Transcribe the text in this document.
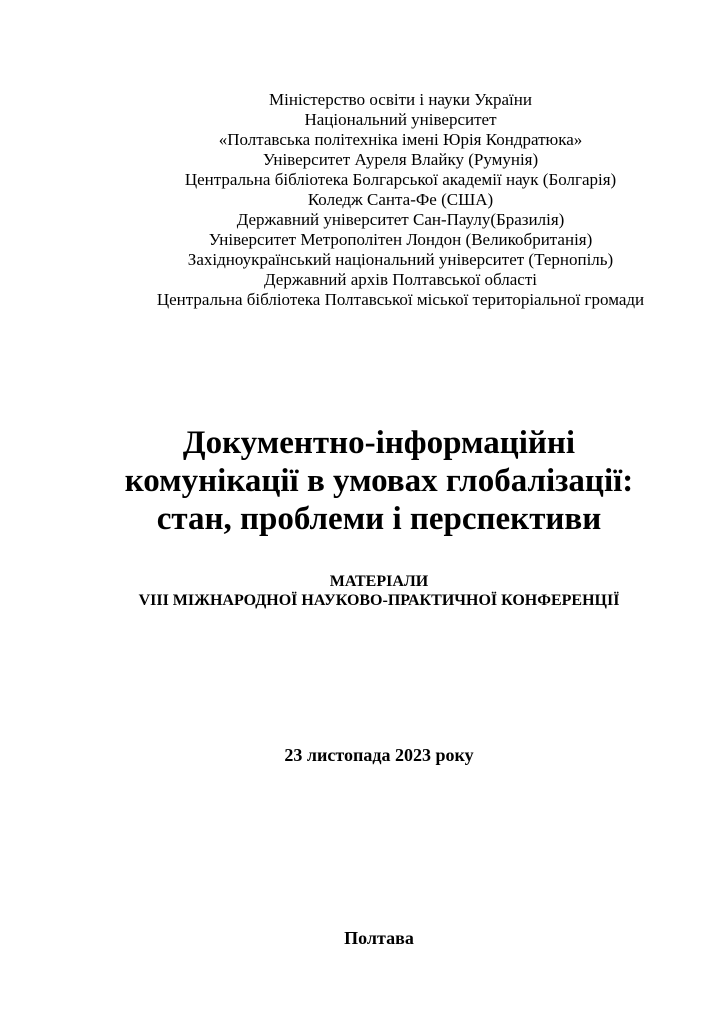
Міністерство освіти і науки України
Національний університет
«Полтавська політехніка імені Юрія Кондратюка»
Університет Ауреля Влайку (Румунія)
Центральна бібліотека Болгарської академії наук (Болгарія)
Коледж Санта-Фе (США)
Державний університет Сан-Паулу(Бразилія)
Університет Метрополітен Лондон (Великобританія)
Західноукраїнський національний університет (Тернопіль)
Державний архів Полтавської області
Центральна бібліотека Полтавської міської територіальної громади
Документно-інформаційні
комунікації в умовах глобалізації:
стан, проблеми і перспективи
МАТЕРІАЛИ
VIII МІЖНАРОДНОЇ НАУКОВО-ПРАКТИЧНОЇ КОНФЕРЕНЦІЇ
23 листопада 2023 року
Полтава
